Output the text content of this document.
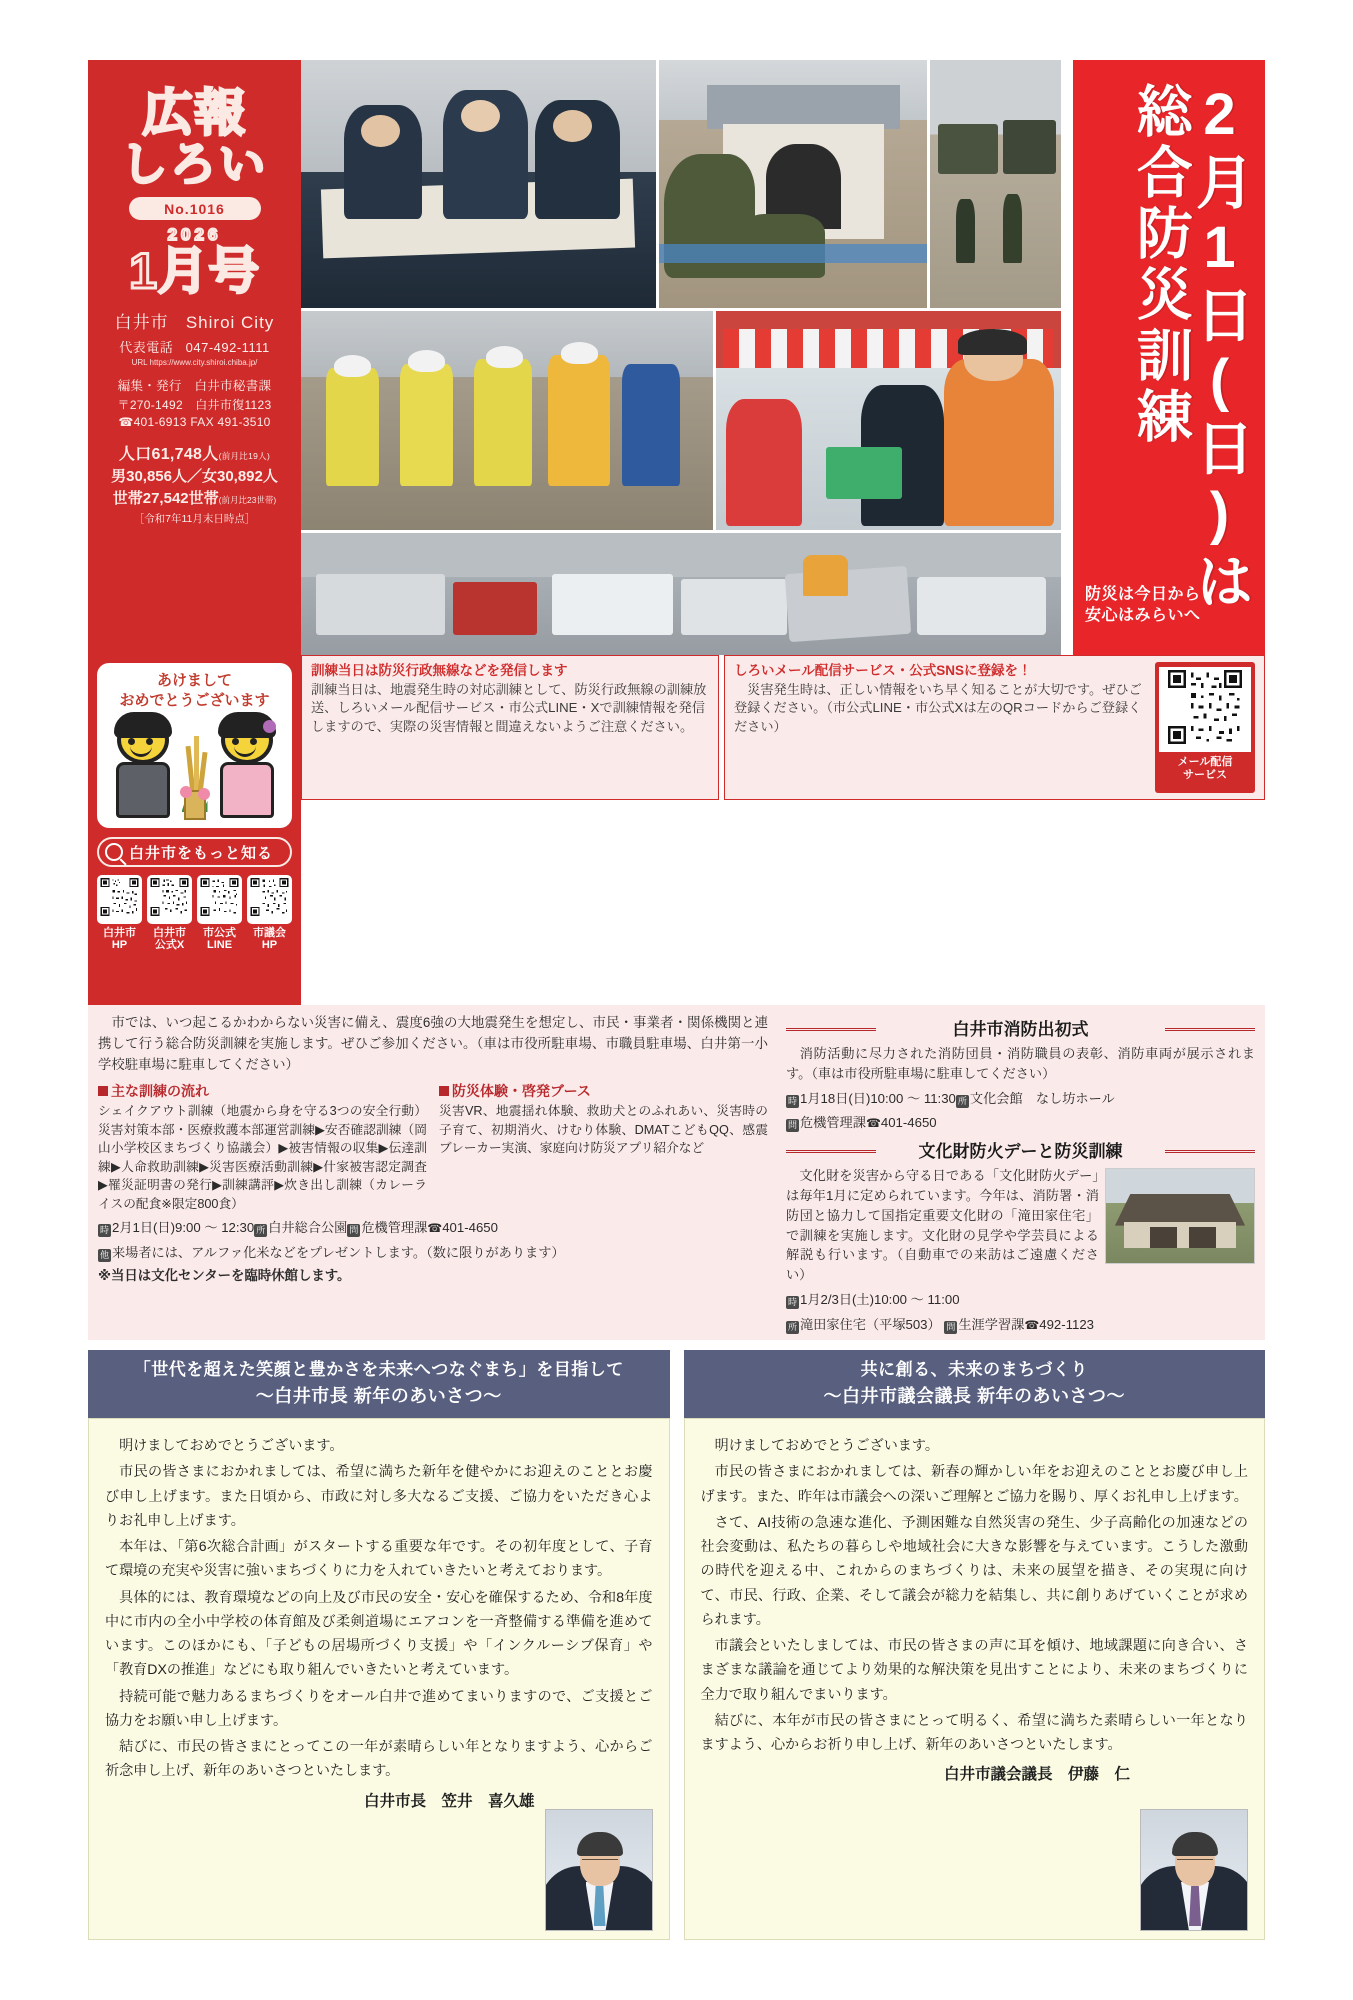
広報
しろい
No.1016
2026
1月号
白井市 Shiroi City
代表電話 047-492-1111
URL https://www.city.shiroi.chiba.jp/
編集・発行　白井市秘書課
〒270-1492　白井市復1123
☎401-6913 FAX 491-3510
人口61,748人(前月比19人)
男30,856人／女30,892人
世帯27,542世帯(前月比23世帯)
［令和7年11月末日時点］	2月1日(日)は
総合防災訓練
防災は今日から
安心はみらいへ
あけまして
おめでとうございます
白井市をもっと知る
白井市
HP
白井市
公式X
市公式
LINE
市議会
HP
訓練当日は防災行政無線などを発信します
訓練当日は、地震発生時の対応訓練として、防災行政無線の訓練放送、しろいメール配信サービス・市公式LINE・Xで訓練情報を発信しますので、実際の災害情報と間違えないようご注意ください。
しろいメール配信サービス・公式SNSに登録を！
　災害発生時は、正しい情報をいち早く知ることが大切です。ぜひご登録ください。（市公式LINE・市公式Xは左のQRコードからご登録ください）
メール配信
サービス
　市では、いつ起こるかわからない災害に備え、震度6強の大地震発生を想定し、市民・事業者・関係機関と連携して行う総合防災訓練を実施します。ぜひご参加ください。（車は市役所駐車場、市職員駐車場、白井第一小学校駐車場に駐車してください）
主な訓練の流れ
シェイクアウト訓練（地震から身を守る3つの安全行動）災害対策本部・医療救護本部運営訓練▶安否確認訓練（岡山小学校区まちづくり協議会）▶被害情報の収集▶伝達訓練▶人命救助訓練▶災害医療活動訓練▶什家被害認定調査▶罹災証明書の発行▶訓練講評▶炊き出し訓練（カレーライスの配食※限定800食）
防災体験・啓発ブース
災害VR、地震揺れ体験、救助犬とのふれあい、災害時の子育て、初期消火、けむり体験、DMATこどもQQ、感震ブレーカー実演、家庭向け防災アプリ紹介など
時 2月1日(日)9:00 ～ 12:30 所 白井総合公園 問 危機管理課☎401-4650
他 来場者には、アルファ化米などをプレゼントします。（数に限りがあります）
※当日は文化センターを臨時休館します。
白井市消防出初式
　消防活動に尽力された消防団員・消防職員の表彰、消防車両が展示されます。（車は市役所駐車場に駐車してください）
時 1月18日(日)10:00 ～ 11:30 所 文化会館　なし坊ホール
問 危機管理課☎401-4650
文化財防火デーと防災訓練
　文化財を災害から守る日である「文化財防火デー」は毎年1月に定められています。今年は、消防署・消防団と協力して国指定重要文化財の「滝田家住宅」で訓練を実施します。文化財の見学や学芸員による解説も行います。（自動車での来訪はご遠慮ください）
時 1月2/3日(土)10:00 ～ 11:00
所 滝田家住宅（平塚503） 問 生涯学習課☎492-1123
「世代を超えた笑顔と豊かさを未来へつなぐまち」を目指して
～白井市長 新年のあいさつ～

明けましておめでとうございます。

市民の皆さまにおかれましては、希望に満ちた新年を健やかにお迎えのこととお慶び申し上げます。また日頃から、市政に対し多大なるご支援、ご協力をいただき心よりお礼申し上げます。

本年は、「第6次総合計画」がスタートする重要な年です。その初年度として、子育て環境の充実や災害に強いまちづくりに力を入れていきたいと考えております。

具体的には、教育環境などの向上及び市民の安全・安心を確保するため、令和8年度中に市内の全小中学校の体育館及び柔剣道場にエアコンを一斉整備する準備を進めています。このほかにも、「子どもの居場所づくり支援」や「インクルーシブ保育」や「教育DXの推進」などにも取り組んでいきたいと考えています。

持続可能で魅力あるまちづくりをオール白井で進めてまいりますので、ご支援とご協力をお願い申し上げます。

結びに、市民の皆さまにとってこの一年が素晴らしい年となりますよう、心からご祈念申し上げ、新年のあいさつといたします。

白井市長　笠井　喜久雄
共に創る、未来のまちづくり
～白井市議会議長 新年のあいさつ～

明けましておめでとうございます。

市民の皆さまにおかれましては、新春の輝かしい年をお迎えのこととお慶び申し上げます。また、昨年は市議会への深いご理解とご協力を賜り、厚くお礼申し上げます。

さて、AI技術の急速な進化、予測困難な自然災害の発生、少子高齢化の加速などの社会変動は、私たちの暮らしや地域社会に大きな影響を与えています。こうした激動の時代を迎える中、これからのまちづくりは、未来の展望を描き、その実現に向けて、市民、行政、企業、そして議会が総力を結集し、共に創りあげていくことが求められます。

市議会といたしましては、市民の皆さまの声に耳を傾け、地域課題に向き合い、さまざまな議論を通じてより効果的な解決策を見出すことにより、未来のまちづくりに全力で取り組んでまいります。

結びに、本年が市民の皆さまにとって明るく、希望に満ちた素晴らしい一年となりますよう、心からお祈り申し上げ、新年のあいさつといたします。

白井市議会議長　伊藤　仁
